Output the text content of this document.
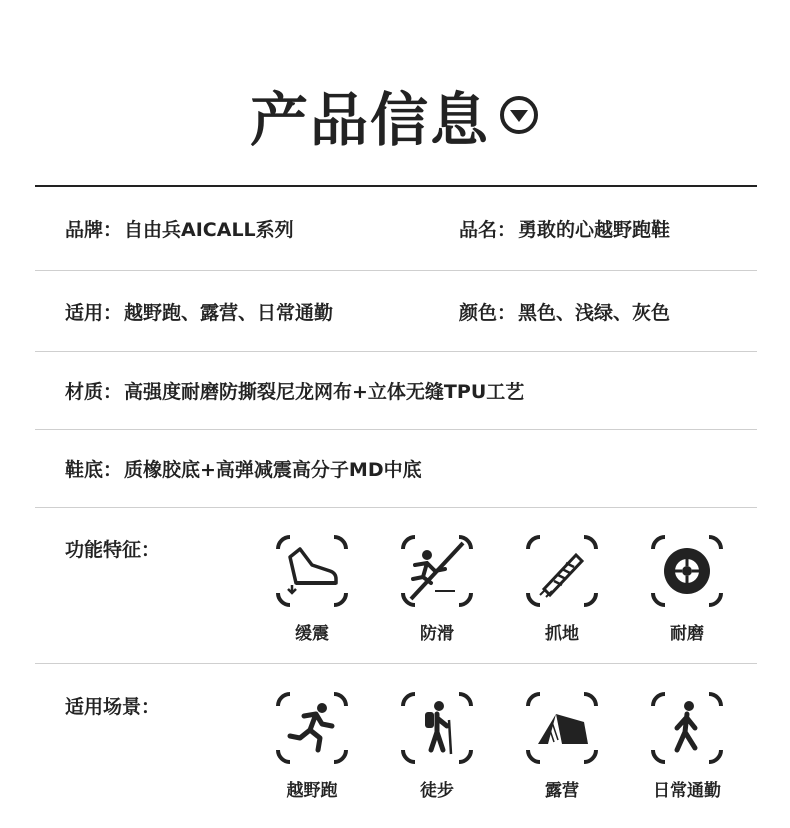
产品信息
品牌： 自由兵AICALL系列	品名： 勇敢的心越野跑鞋
适用： 越野跑、露营、日常通勤	颜色： 黑色、浅绿、灰色
材质： 高强度耐磨防撕裂尼龙网布+立体无缝TPU工艺
鞋底： 质橡胶底+高弹减震高分子MD中底
功能特征：
缓震	防滑	抓地	耐磨
适用场景：
越野跑	徒步	露营	日常通勤
